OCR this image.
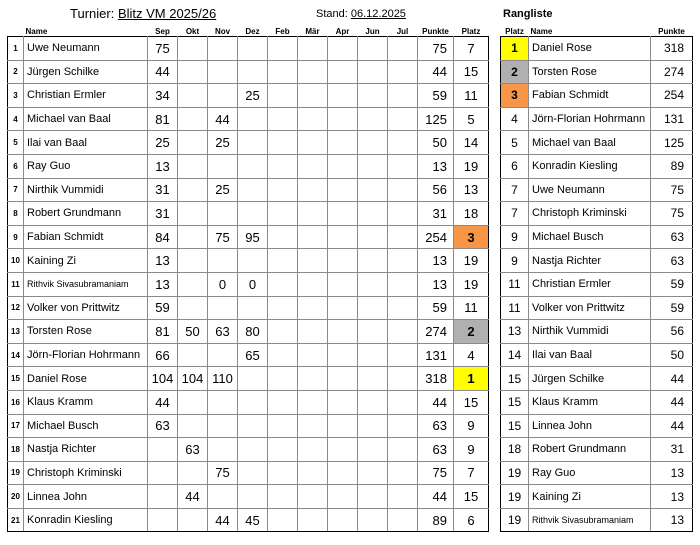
Turnier: Blitz VM 2025/26	Stand: 06.12.2025	Rangliste
	Name	Sep	Okt	Nov	Dez	Feb	Mär	Apr	Jun	Jul	Punkte	Platz
1	Uwe Neumann	75									75	7
2	Jürgen Schilke	44									44	15
3	Christian Ermler	34			25						59	11
4	Michael van Baal	81		44							125	5
5	Ilai van Baal	25		25							50	14
6	Ray Guo	13									13	19
7	Nirthik Vummidi	31		25							56	13
8	Robert Grundmann	31									31	18
9	Fabian Schmidt	84		75	95						254	3
10	Kaining Zi	13									13	19
11	Rithvik Sivasubramaniam	13		0	0						13	19
12	Volker von Prittwitz	59									59	11
13	Torsten Rose	81	50	63	80						274	2
14	Jörn-Florian Hohrmann	66			65						131	4
15	Daniel Rose	104	104	110							318	1
16	Klaus Kramm	44									44	15
17	Michael Busch	63									63	9
18	Nastja Richter		63								63	9
19	Christoph Kriminski			75							75	7
20	Linnea John		44								44	15
21	Konradin Kiesling			44	45						89	6
Platz	Name	Punkte
1	Daniel Rose	318
2	Torsten Rose	274
3	Fabian Schmidt	254
4	Jörn-Florian Hohrmann	131
5	Michael van Baal	125
6	Konradin Kiesling	89
7	Uwe Neumann	75
7	Christoph Kriminski	75
9	Michael Busch	63
9	Nastja Richter	63
11	Christian Ermler	59
11	Volker von Prittwitz	59
13	Nirthik Vummidi	56
14	Ilai van Baal	50
15	Jürgen Schilke	44
15	Klaus Kramm	44
15	Linnea John	44
18	Robert Grundmann	31
19	Ray Guo	13
19	Kaining Zi	13
19	Rithvik Sivasubramaniam	13
